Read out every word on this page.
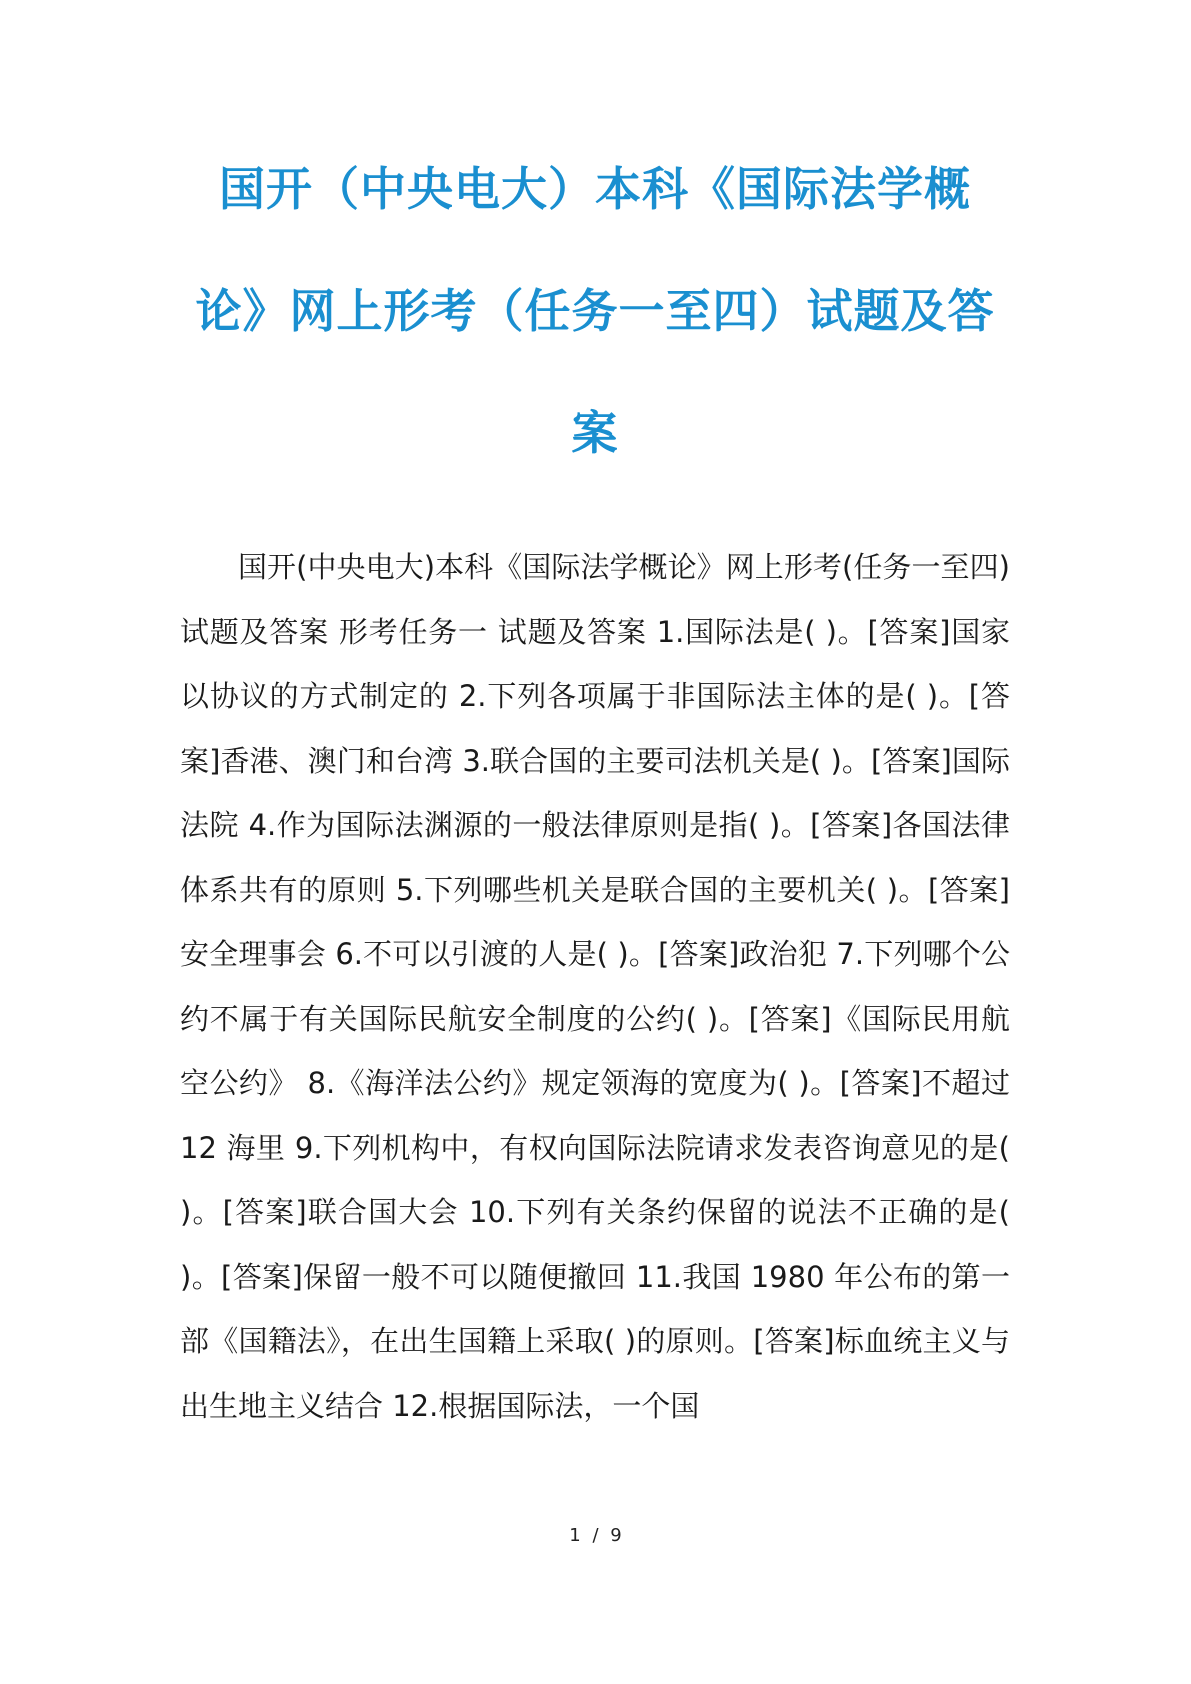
国开（中央电大）本科《国际法学概
论》网上形考（任务一至四）试题及答
案

国开(中央电大)本科《国际法学概论》网上形考(任务一至四)试题及答案 形考任务一 试题及答案 1.国际法是( )。[答案]国家以协议的方式制定的 2.下列各项属于非国际法主体的是( )。[答案]香港、澳门和台湾 3.联合国的主要司法机关是( )。[答案]国际法院 4.作为国际法渊源的一般法律原则是指( )。[答案]各国法律体系共有的原则 5.下列哪些机关是联合国的主要机关( )。[答案]安全理事会 6.不可以引渡的人是( )。[答案]政治犯 7.下列哪个公约不属于有关国际民航安全制度的公约( )。[答案]《国际民用航空公约》 8.《海洋法公约》规定领海的宽度为( )。[答案]不超过 12 海里 9.下列机构中，有权向国际法院请求发表咨询意见的是( )。[答案]联合国大会 10.下列有关条约保留的说法不正确的是( )。[答案]保留一般不可以随便撤回 11.我国 1980 年公布的第一部《国籍法》，在出生国籍上采取( )的原则。[答案]标血统主义与出生地主义结合 12.根据国际法，一个国

1 / 9
